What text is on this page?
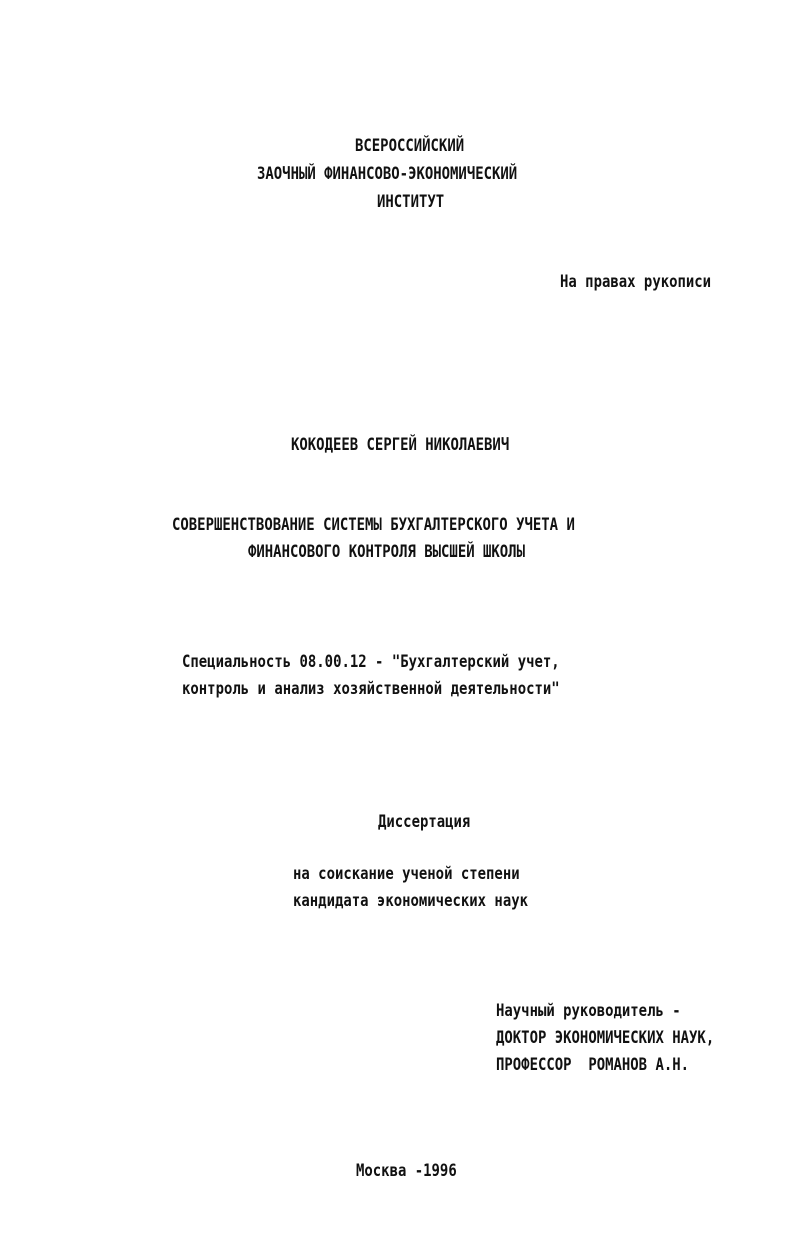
ВСЕРОССИЙСКИЙ

ЗАОЧНЫЙ ФИНАНСОВО-ЭКОНОМИЧЕСКИЙ

ИНСТИТУТ

На правах рукописи

КОКОДЕЕВ СЕРГЕЙ НИКОЛАЕВИЧ

СОВЕРШЕНСТВОВАНИЕ СИСТЕМЫ БУХГАЛТЕРСКОГО УЧЕТА И

ФИНАНСОВОГО КОНТРОЛЯ ВЫСШЕЙ ШКОЛЫ

Специальность 08.00.12 - "Бухгалтерский учет,

контроль и анализ хозяйственной деятельности"

Диссертация

на соискание ученой степени

кандидата экономических наук

Научный руководитель -

ДОКТОР ЭКОНОМИЧЕСКИХ НАУК,

ПРОФЕССОР  РОМАНОВ А.Н.

Москва -1996
